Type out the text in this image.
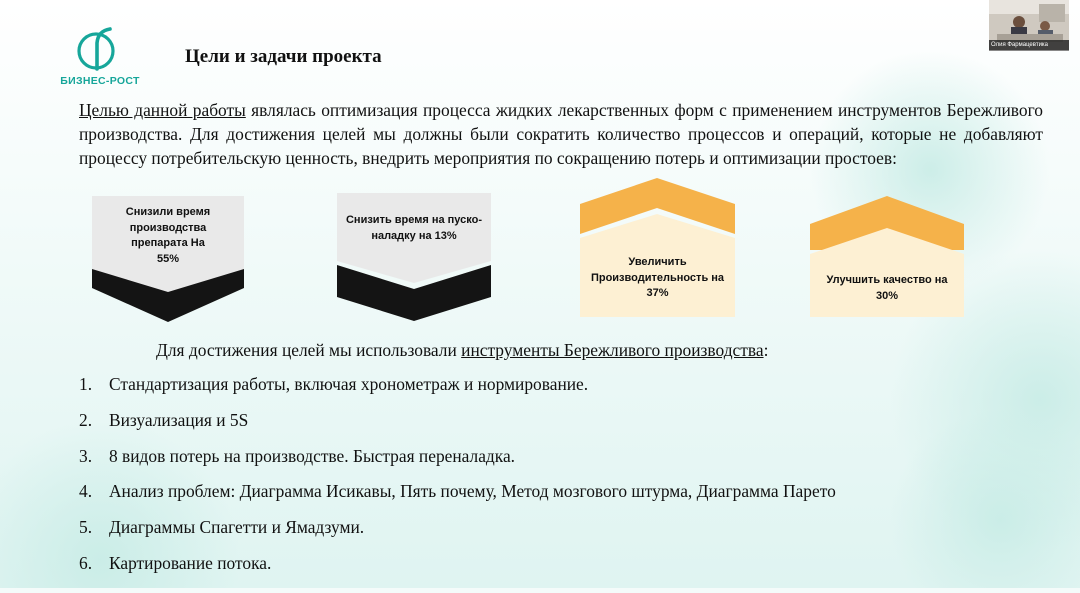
БИЗНЕС-РОСТ
Цели и задачи проекта
Целью данной работы являлась оптимизация процесса жидких лекарственных форм с применением инструментов Бережливого производства. Для достижения целей мы должны были сократить количество процессов и операций, которые не добавляют процессу потребительскую ценность, внедрить мероприятия по сокращению потерь и оптимизации простоев:
Снизили время производства препарата На 55%
Снизить время на пуско-наладку на 13%
Увеличить Производительность на 37%
Улучшить качество на 30%
Для достижения целей мы использовали инструменты Бережливого производства:
1. Стандартизация работы, включая хронометраж и нормирование.
2. Визуализация и 5S
3. 8 видов потерь на производстве. Быстрая переналадка.
4. Анализ проблем: Диаграмма Исикавы, Пять почему, Метод мозгового штурма, Диаграмма Парето
5. Диаграммы Спагетти и Ямадзуми.
6. Картирование потока.
Олия Фармацевтика
